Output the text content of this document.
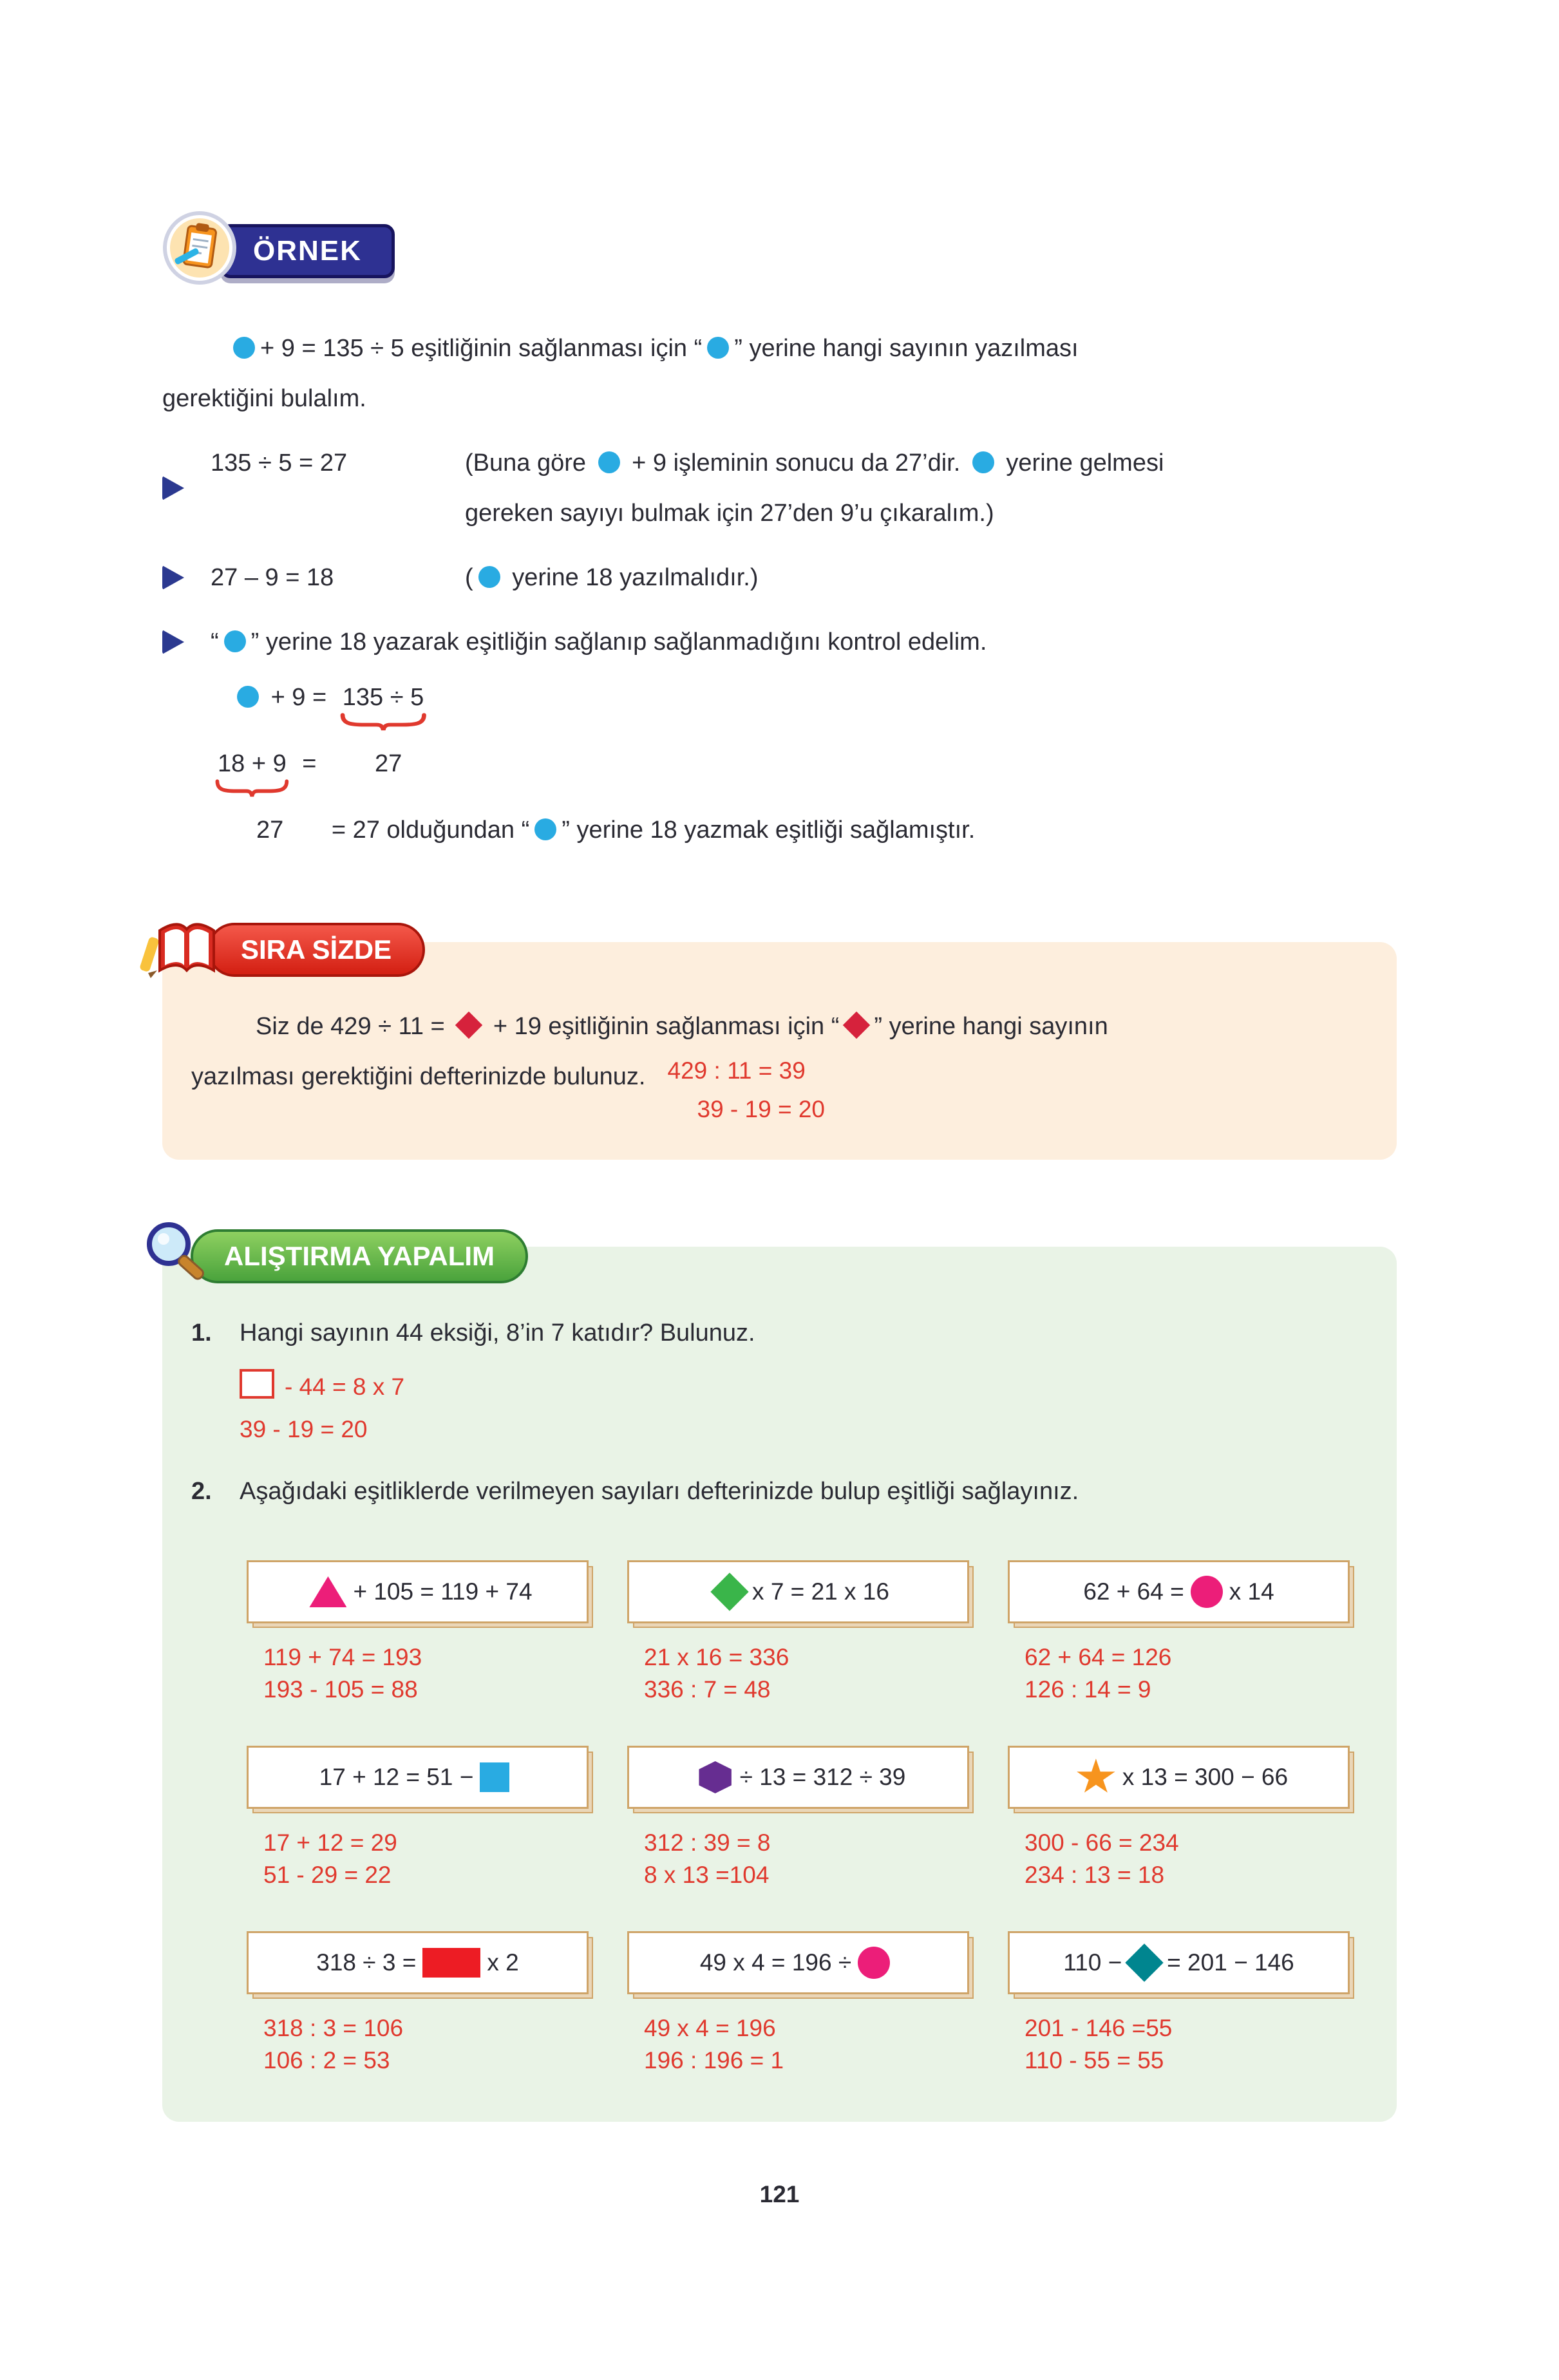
ÖRNEK
+ 9 = 135 ÷ 5 eşitliğinin sağlanması için “ ” yerine hangi sayının yazılması
gerektiğini bulalım.
135 ÷ 5 = 27	(Buna göre  + 9 işleminin sonucu da 27’dir.  yerine gelmesi
gereken sayıyı bulmak için 27’den 9’u çıkaralım.)
27 – 9 = 18	( yerine 18 yazılmalıdır.)
“ ” yerine 18 yazarak eşitliğin sağlanıp sağlanmadığını kontrol edelim.
+ 9 = 135 ÷ 5
18 + 9 = 27
27 = 27 olduğundan “ ” yerine 18 yazmak eşitliği sağlamıştır.
SIRA SİZDE
Siz de 429 ÷ 11 =  + 19 eşitliğinin sağlanması için “ ” yerine hangi sayının
yazılması gerektiğini defterinizde bulunuz. 429 : 11 = 39
39 - 19 = 20
ALIŞTIRMA YAPALIM
1.	Hangi sayının 44 eksiği, 8’in 7 katıdır? Bulunuz.
- 44 = 8 x 7
39 - 19 = 20
2.	Aşağıdaki eşitliklerde verilmeyen sayıları defterinizde bulup eşitliği sağlayınız.
+ 105 = 119 + 74
119 + 74 = 193
193 - 105 = 88
x 7 = 21 x 16
21 x 16 = 336
336 : 7 = 48
62 + 64 = x 14
62 + 64 = 126
126 : 14 = 9
17 + 12 = 51 −
17 + 12 = 29
51 - 29 = 22	÷ 13 = 312 ÷ 39
312 : 39 = 8
8 x 13 =104
x 13 = 300 − 66
300 - 66 = 234
234 : 13 = 18
318 ÷ 3 =	x 2
318 : 3 = 106
106 : 2 = 53
49 x 4 = 196 ÷
49 x 4 = 196
196 : 196 = 1
110 − = 201 − 146
201 - 146 =55
110 - 55 = 55
121
